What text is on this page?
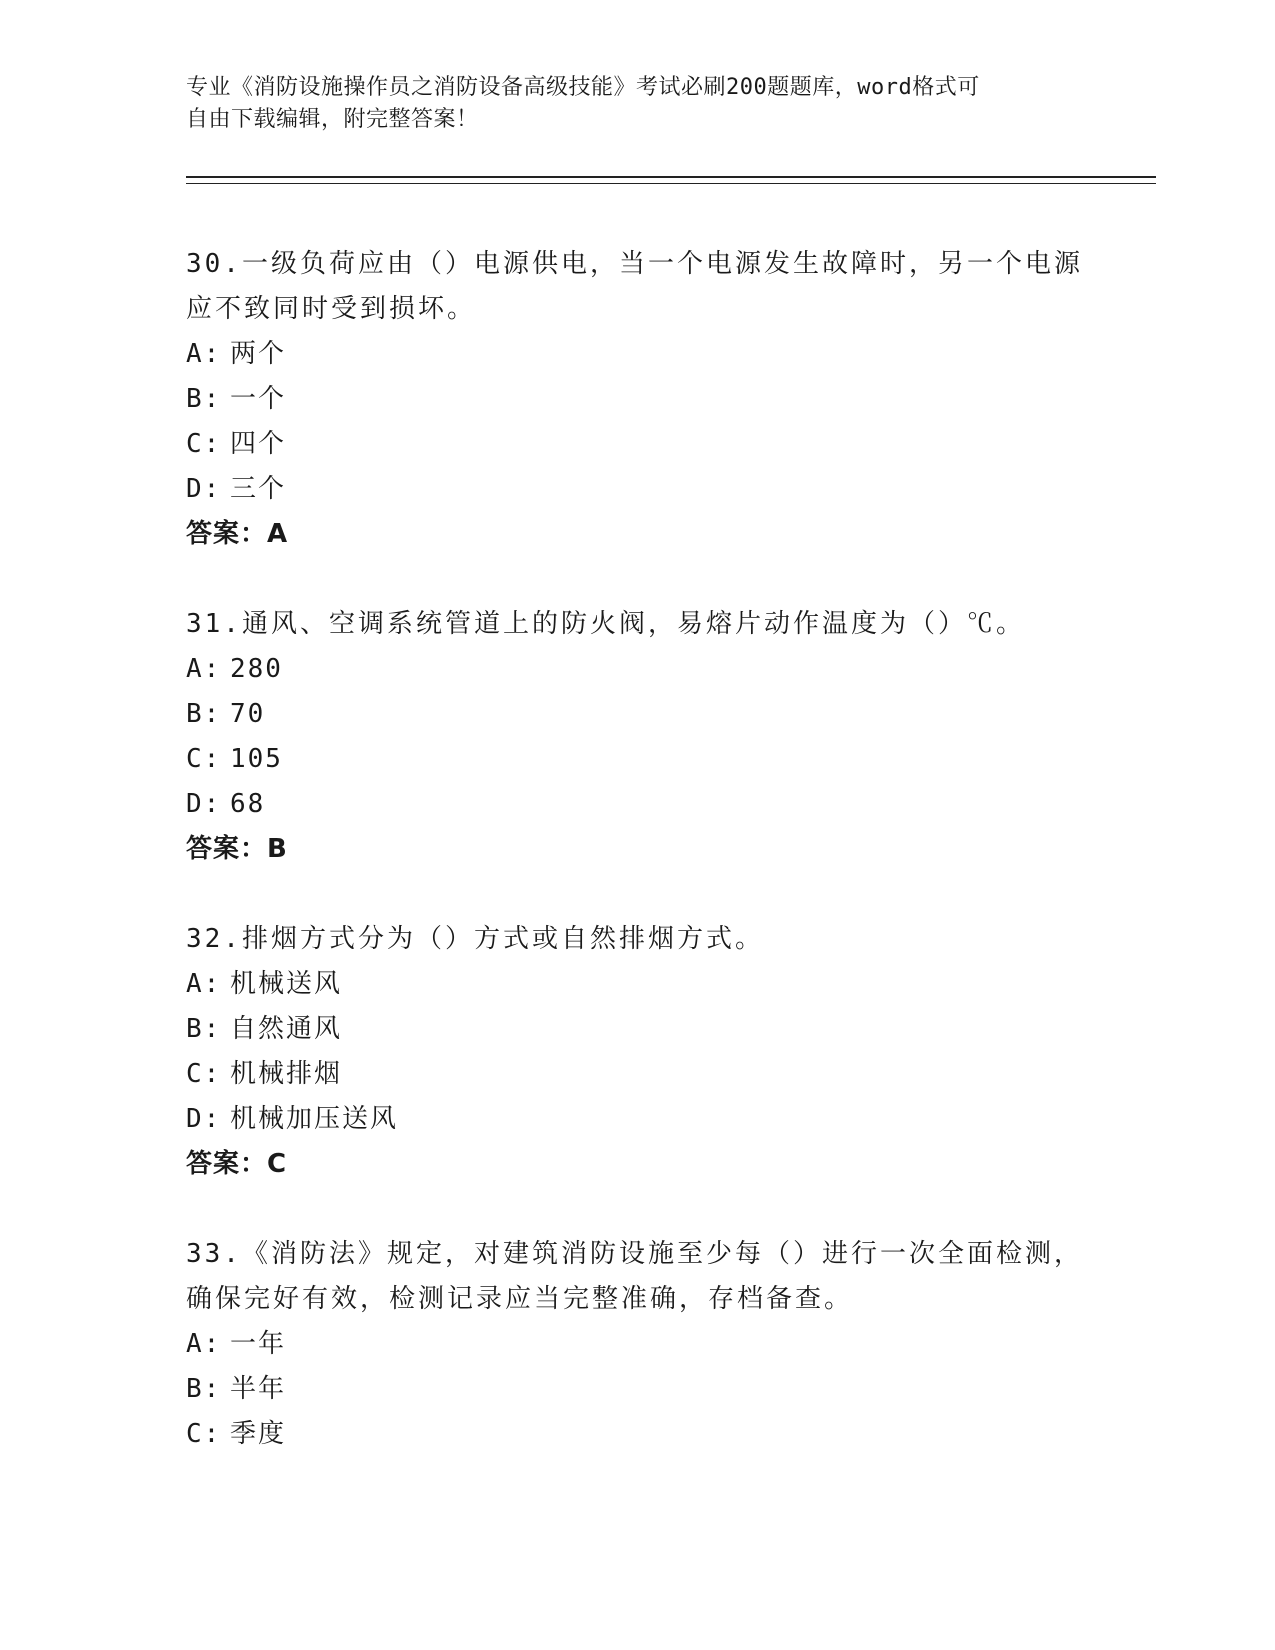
专业《消防设施操作员之消防设备高级技能》考试必刷200题题库，word格式可

自由下载编辑，附完整答案！

30.一级负荷应由（）电源供电，当一个电源发生故障时，另一个电源

应不致同时受到损坏。

A: 两个

B: 一个

C: 四个

D: 三个

答案：A

31.通风、空调系统管道上的防火阀，易熔片动作温度为（）℃。

A: 280

B: 70

C: 105

D: 68

答案：B

32.排烟方式分为（）方式或自然排烟方式。

A: 机械送风

B: 自然通风

C: 机械排烟

D: 机械加压送风

答案：C

33.《消防法》规定，对建筑消防设施至少每（）进行一次全面检测，

确保完好有效，检测记录应当完整准确，存档备查。

A: 一年

B: 半年

C: 季度
